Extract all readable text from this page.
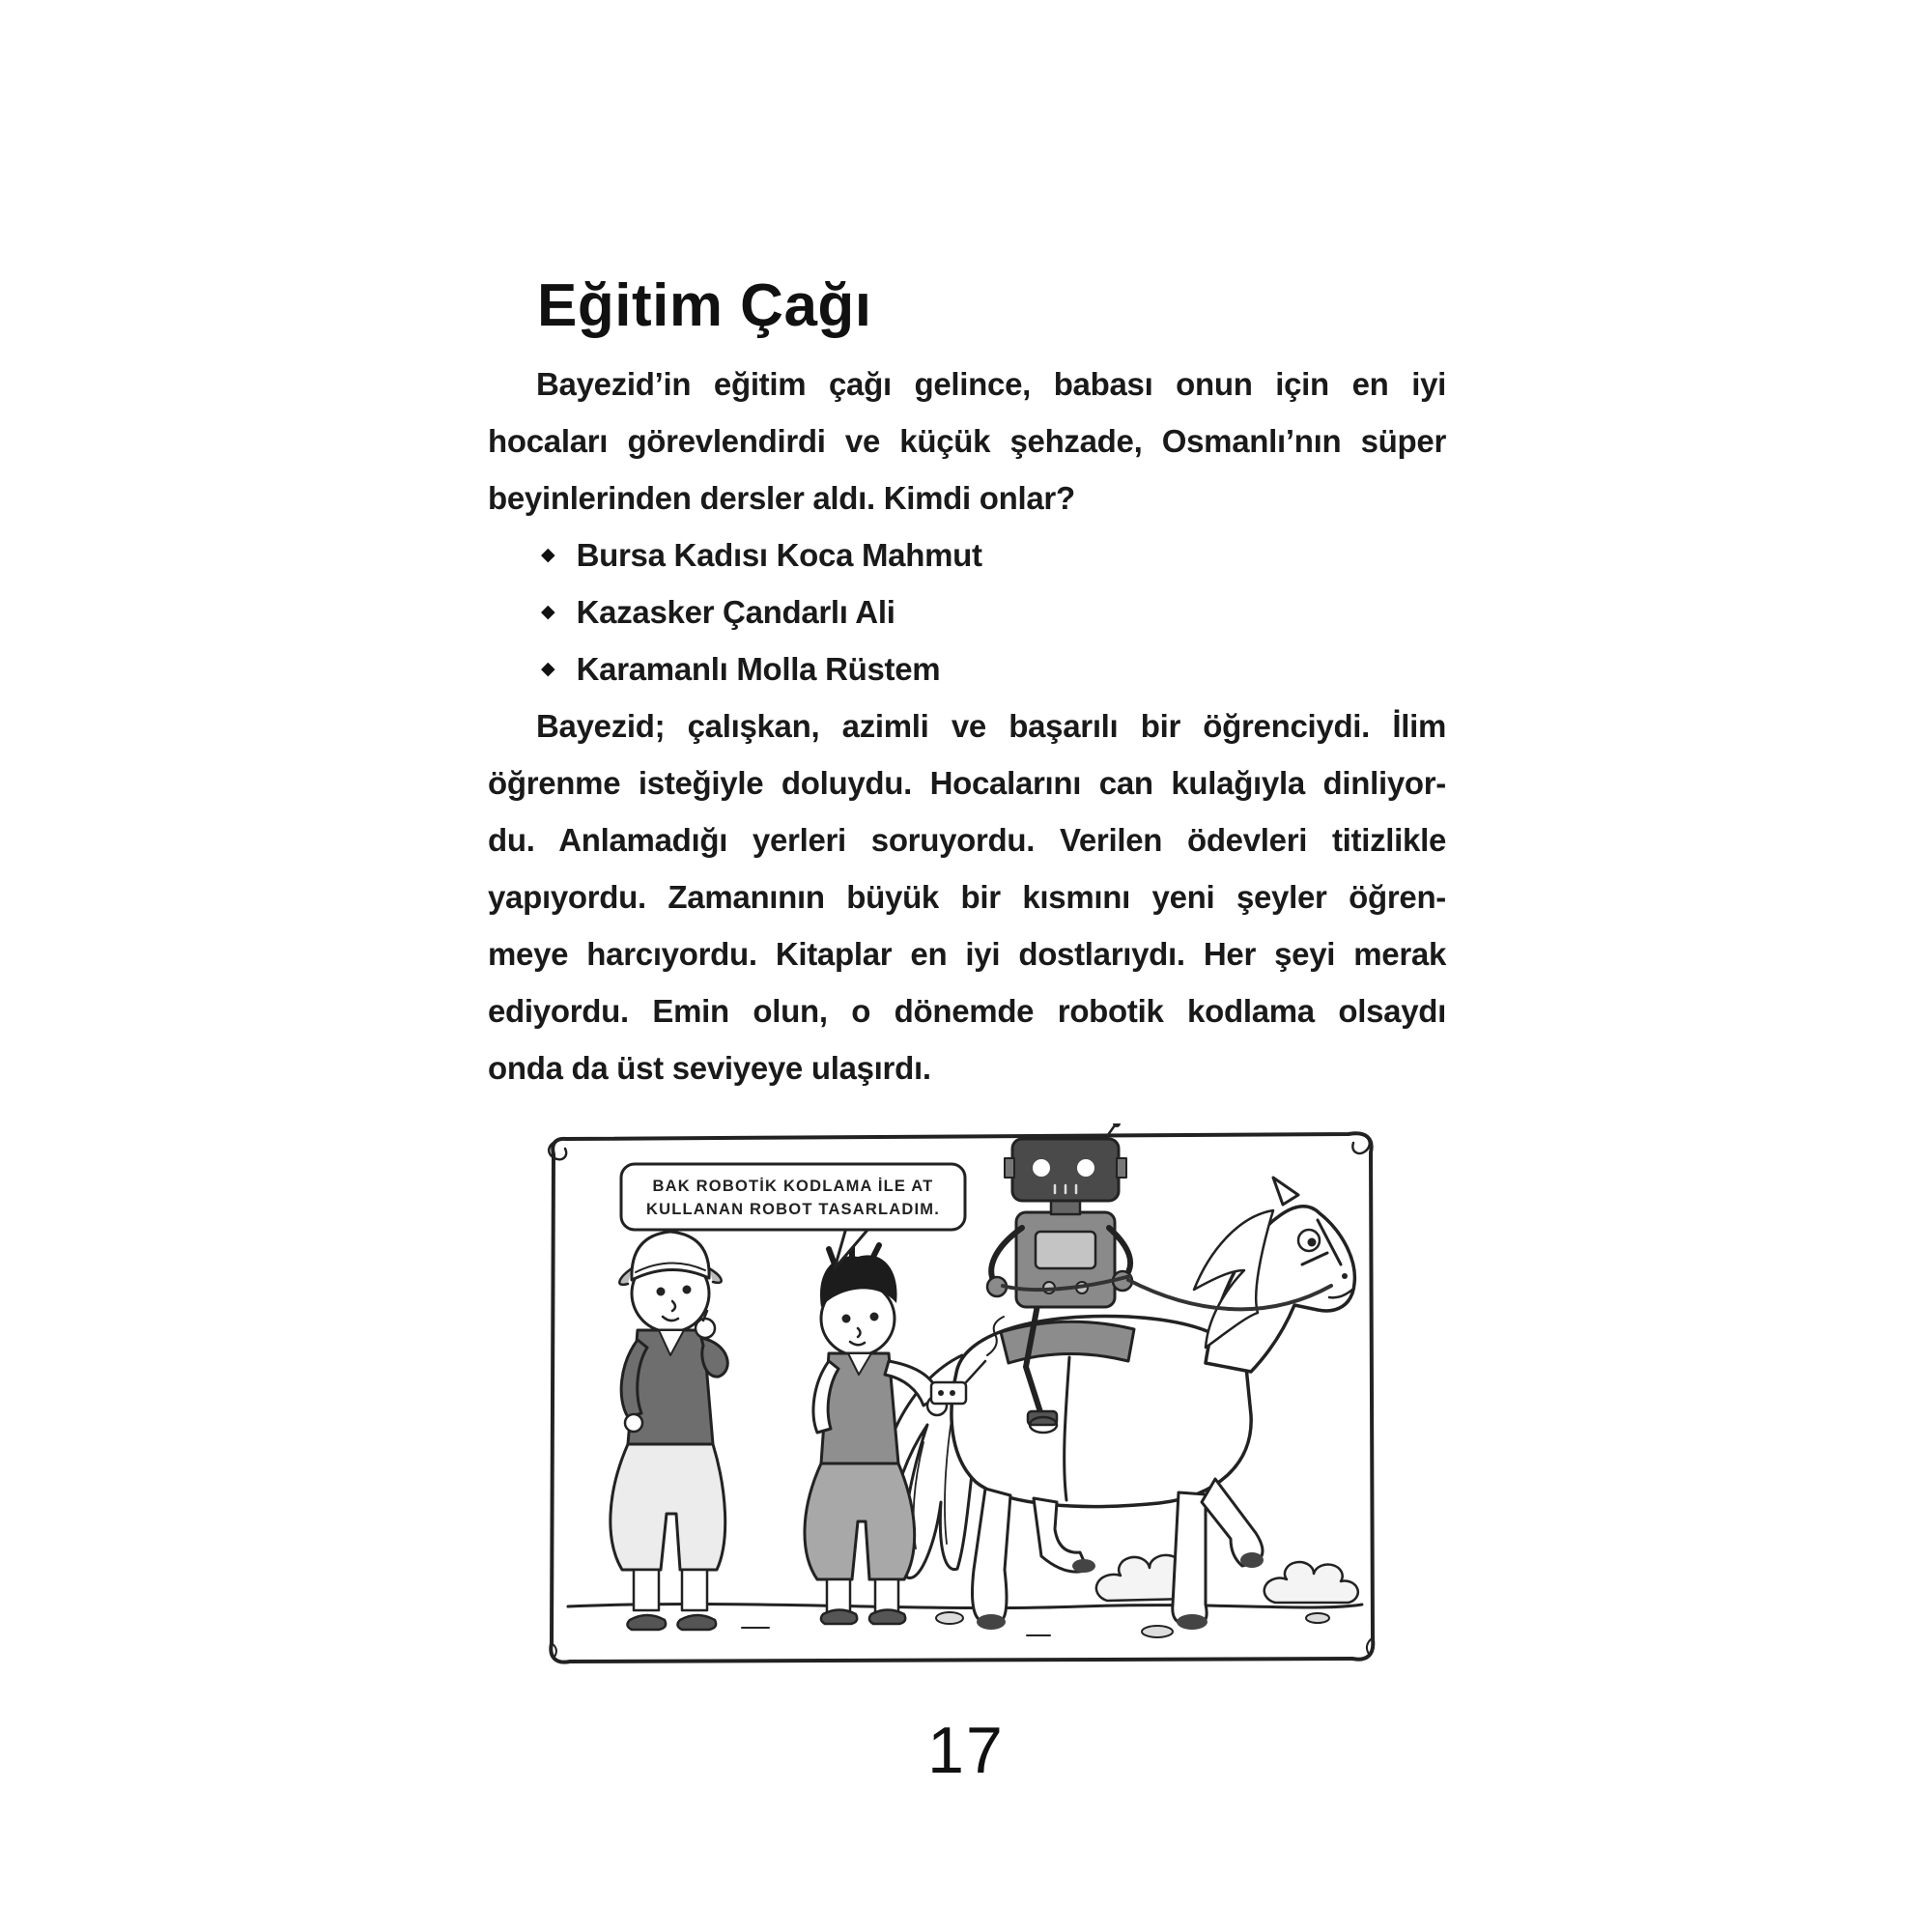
Eğitim Çağı
Bayezid’in eğitim çağı gelince, babası onun için en iyi
hocaları görevlendirdi ve küçük şehzade, Osmanlı’nın süper
beyinlerinden dersler aldı. Kimdi onlar?
◆ Bursa Kadısı Koca Mahmut
◆ Kazasker Çandarlı Ali
◆ Karamanlı Molla Rüstem
Bayezid; çalışkan, azimli ve başarılı bir öğrenciydi. İlim
öğrenme isteğiyle doluydu. Hocalarını can kulağıyla dinliyor-
du. Anlamadığı yerleri soruyordu. Verilen ödevleri titizlikle
yapıyordu. Zamanının büyük bir kısmını yeni şeyler öğren-
meye harcıyordu. Kitaplar en iyi dostlarıydı. Her şeyi merak
ediyordu. Emin olun, o dönemde robotik kodlama olsaydı
onda da üst seviyeye ulaşırdı.
BAK ROBOTİK KODLAMA İLE AT
KULLANAN ROBOT TASARLADIM.
17
